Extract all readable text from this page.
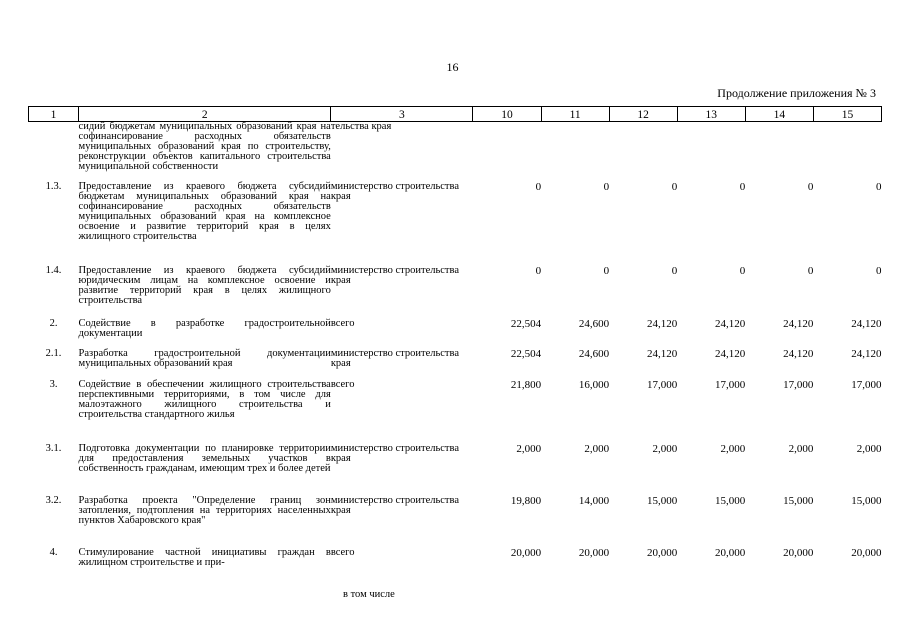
16
Продолжение приложения № 3
1	2	3	10	11	12	13	14	15
	сидий бюджетам муниципальных образований края на софинансирование расходных обязательств муниципальных образований края по строительству, реконструкции объектов капитального строительства муниципальной собственности	тельства края						
1.3.	Предоставление из краевого бюджета субсидий бюджетам муниципальных образований края на софинансирование расходных обязательств муниципальных образований края на комплексное освоение и развитие территорий края в целях жилищного строительства	министерство строительства края	0	0	0	0	0	0
1.4.	Предоставление из краевого бюджета субсидий юридическим лицам на комплексное освоение и развитие территорий края в целях жилищного строительства	министерство строительства края	0	0	0	0	0	0
2.	Содействие в разработке градостроительной документации	всего	22,504	24,600	24,120	24,120	24,120	24,120
2.1.	Разработка градостроительной документации муниципальных образований края	министерство строительства края	22,504	24,600	24,120	24,120	24,120	24,120
3.	Содействие в обеспечении жилищного строительства перспективными территориями, в том числе для малоэтажного жилищного строительства и строительства стандартного жилья	всего	21,800	16,000	17,000	17,000	17,000	17,000
3.1.	Подготовка документации по планировке территории для предоставления земельных участков в собственность гражданам, имеющим трех и более детей	министерство строительства края	2,000	2,000	2,000	2,000	2,000	2,000
3.2.	Разработка проекта "Определение границ зон затопления, подтопления на территориях населенных пунктов Хабаровского края"	министерство строительства края	19,800	14,000	15,000	15,000	15,000	15,000
4.	Стимулирование частной инициативы граждан в жилищном строительстве и при-	всего	20,000	20,000	20,000	20,000	20,000	20,000
в том числе
